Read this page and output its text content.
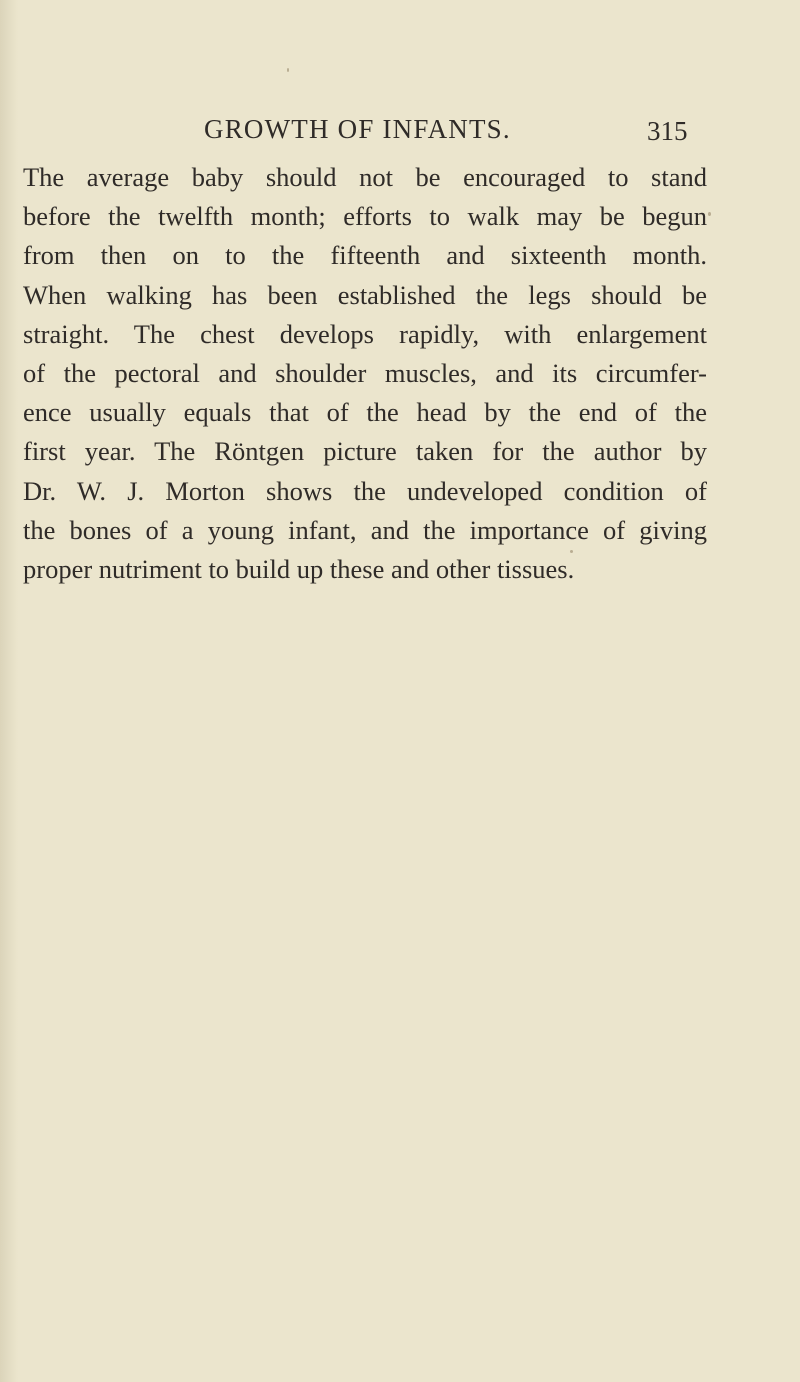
GROWTH OF INFANTS.	315

The average baby should not be encouraged to stand
before the twelfth month; efforts to walk may be begun
from then on to the fifteenth and sixteenth month.
When walking has been established the legs should be
straight. The chest develops rapidly, with enlargement
of the pectoral and shoulder muscles, and its circumfer-
ence usually equals that of the head by the end of the
first year. The Röntgen picture taken for the author by
Dr. W. J. Morton shows the undeveloped condition of
the bones of a young infant, and the importance of giving
proper nutriment to build up these and other tissues.
